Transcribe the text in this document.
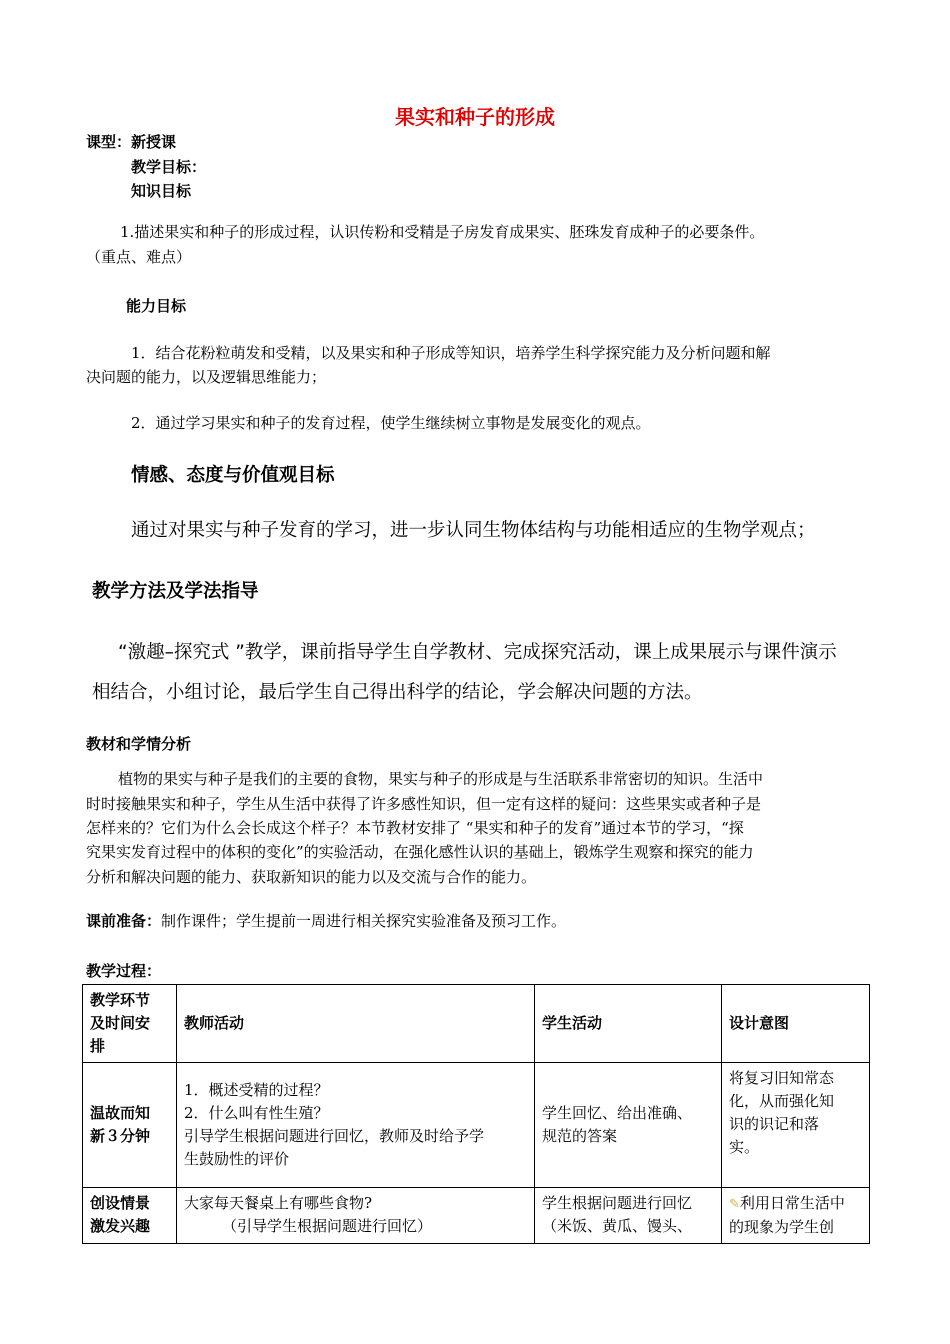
果实和种子的形成
课型：新授课
教学目标：
知识目标
1.描述果实和种子的形成过程，认识传粉和受精是子房发育成果实、胚珠发育成种子的必要条件。
（重点、难点）
能力目标
1．结合花粉粒萌发和受精，以及果实和种子形成等知识，培养学生科学探究能力及分析问题和解
决问题的能力，以及逻辑思维能力；
2．通过学习果实和种子的发育过程，使学生继续树立事物是发展变化的观点。
情感、态度与价值观目标
通过对果实与种子发育的学习，进一步认同生物体结构与功能相适应的生物学观点；
教学方法及学法指导
“激趣–探究式 ”教学，课前指导学生自学教材、完成探究活动，课上成果展示与课件演示
相结合，小组讨论，最后学生自己得出科学的结论，学会解决问题的方法。
教材和学情分析
植物的果实与种子是我们的主要的食物，果实与种子的形成是与生活联系非常密切的知识。生活中
时时接触果实和种子，学生从生活中获得了许多感性知识，但一定有这样的疑问：这些果实或者种子是
怎样来的？它们为什么会长成这个样子？本节教材安排了 “果实和种子的发育”通过本节的学习，“探
究果实发育过程中的体积的变化”的实验活动，在强化感性认识的基础上，锻炼学生观察和探究的能力
分析和解决问题的能力、获取新知识的能力以及交流与合作的能力。
课前准备：制作课件；学生提前一周进行相关探究实验准备及预习工作。
教学过程：
教学环节
及时间安
排	教师活动	学生活动	设计意图

温故而知
新３分钟	1．概述受精的过程？
2．什么叫有性生殖？
引导学生根据问题进行回忆，教师及时给予学
生鼓励性的评价	学生回忆、给出准确、
规范的答案	将复习旧知常态
化，从而强化知
识的识记和落
实。

创设情景
激发兴趣	大家每天餐桌上有哪些食物?
（引导学生根据问题进行回忆）	学生根据问题进行回忆
（米饭、黄瓜、馒头、	✎利用日常生活中
的现象为学生创
